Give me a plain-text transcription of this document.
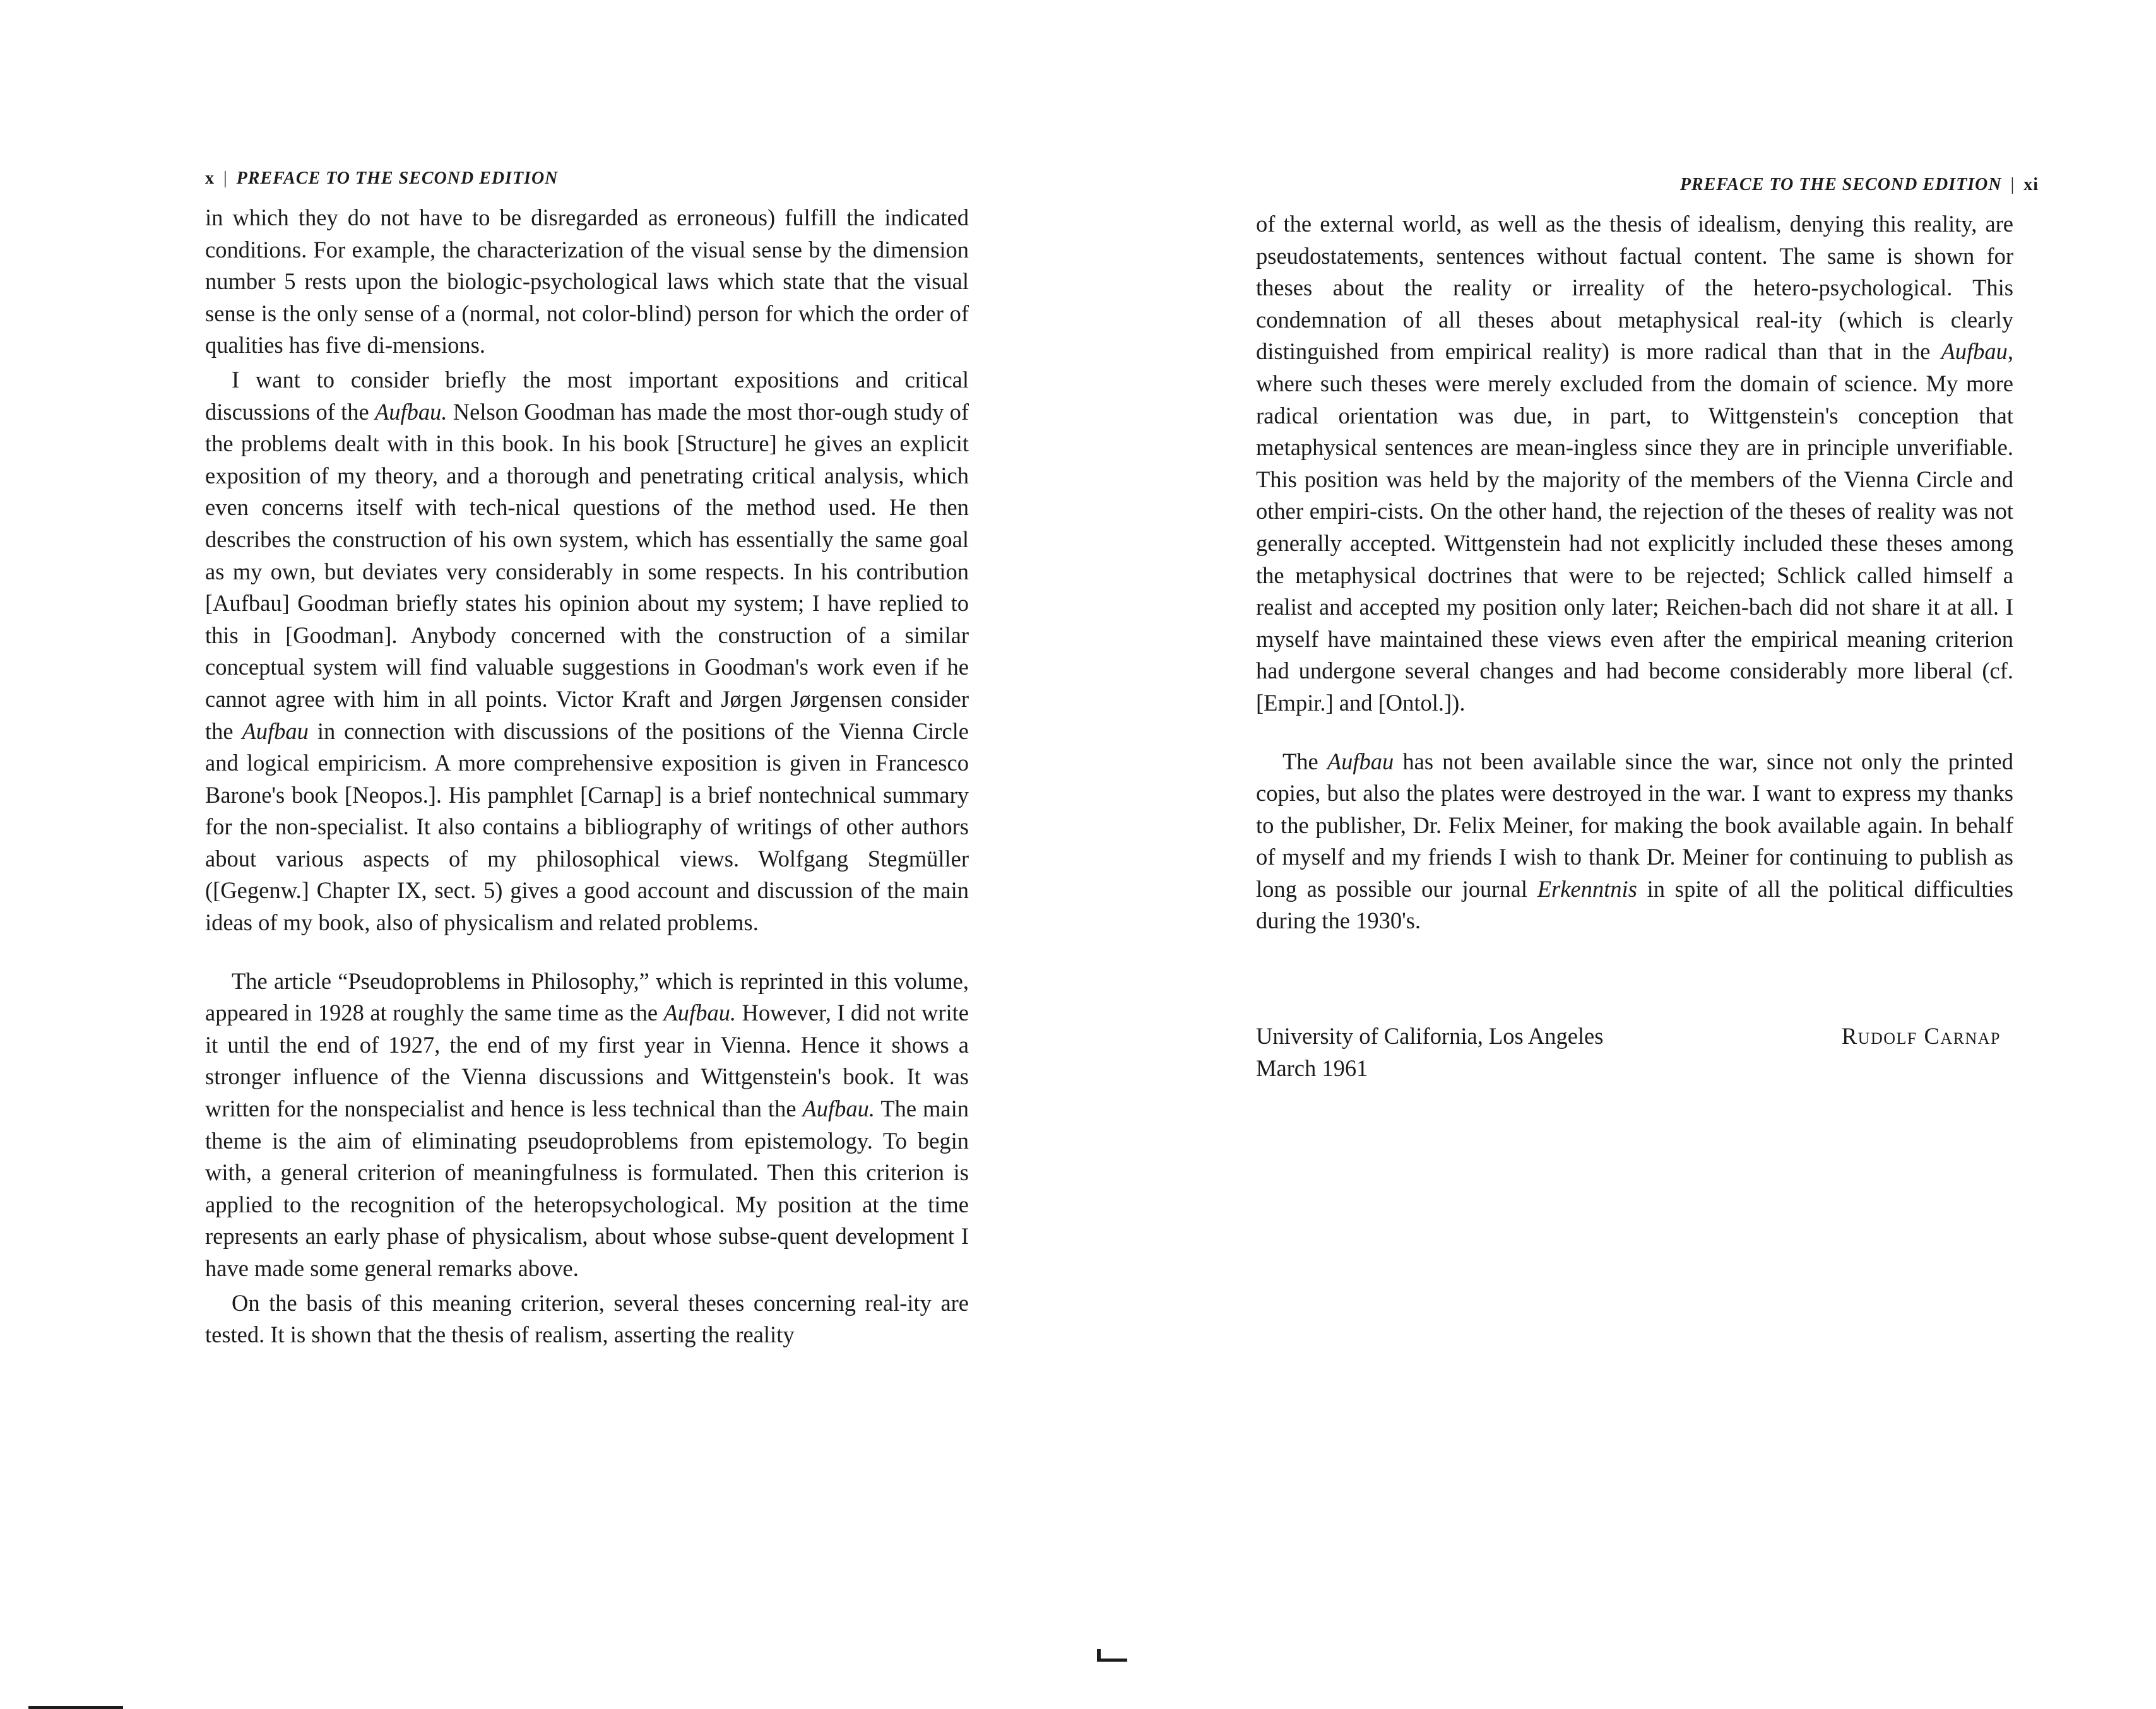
x | PREFACE TO THE SECOND EDITION

in which they do not have to be disregarded as erroneous) fulfill the indicated conditions. For example, the characterization of the visual sense by the dimension number 5 rests upon the biologic-psychological laws which state that the visual sense is the only sense of a (normal, not color-blind) person for which the order of qualities has five di-mensions.

I want to consider briefly the most important expositions and critical discussions of the Aufbau. Nelson Goodman has made the most thor-ough study of the problems dealt with in this book. In his book [Structure] he gives an explicit exposition of my theory, and a thorough and penetrating critical analysis, which even concerns itself with tech-nical questions of the method used. He then describes the construction of his own system, which has essentially the same goal as my own, but deviates very considerably in some respects. In his contribution [Aufbau] Goodman briefly states his opinion about my system; I have replied to this in [Goodman]. Anybody concerned with the construction of a similar conceptual system will find valuable suggestions in Goodman's work even if he cannot agree with him in all points. Victor Kraft and Jørgen Jørgensen consider the Aufbau in connection with discussions of the positions of the Vienna Circle and logical empiricism. A more comprehensive exposition is given in Francesco Barone's book [Neopos.]. His pamphlet [Carnap] is a brief nontechnical summary for the non-specialist. It also contains a bibliography of writings of other authors about various aspects of my philosophical views. Wolfgang Stegmüller ([Gegenw.] Chapter IX, sect. 5) gives a good account and discussion of the main ideas of my book, also of physicalism and related problems.

The article “Pseudoproblems in Philosophy,” which is reprinted in this volume, appeared in 1928 at roughly the same time as the Aufbau. However, I did not write it until the end of 1927, the end of my first year in Vienna. Hence it shows a stronger influence of the Vienna discussions and Wittgenstein's book. It was written for the nonspecialist and hence is less technical than the Aufbau. The main theme is the aim of eliminating pseudoproblems from epistemology. To begin with, a general criterion of meaningfulness is formulated. Then this criterion is applied to the recognition of the heteropsychological. My position at the time represents an early phase of physicalism, about whose subse-quent development I have made some general remarks above.

On the basis of this meaning criterion, several theses concerning real-ity are tested. It is shown that the thesis of realism, asserting the reality

PREFACE TO THE SECOND EDITION | xi

of the external world, as well as the thesis of idealism, denying this reality, are pseudostatements, sentences without factual content. The same is shown for theses about the reality or irreality of the hetero-psychological. This condemnation of all theses about metaphysical real-ity (which is clearly distinguished from empirical reality) is more radical than that in the Aufbau, where such theses were merely excluded from the domain of science. My more radical orientation was due, in part, to Wittgenstein's conception that metaphysical sentences are mean-ingless since they are in principle unverifiable. This position was held by the majority of the members of the Vienna Circle and other empiri-cists. On the other hand, the rejection of the theses of reality was not generally accepted. Wittgenstein had not explicitly included these theses among the metaphysical doctrines that were to be rejected; Schlick called himself a realist and accepted my position only later; Reichen-bach did not share it at all. I myself have maintained these views even after the empirical meaning criterion had undergone several changes and had become considerably more liberal (cf. [Empir.] and [Ontol.]).

The Aufbau has not been available since the war, since not only the printed copies, but also the plates were destroyed in the war. I want to express my thanks to the publisher, Dr. Felix Meiner, for making the book available again. In behalf of myself and my friends I wish to thank Dr. Meiner for continuing to publish as long as possible our journal Erkenntnis in spite of all the political difficulties during the 1930's.

University of California, Los Angeles	Rudolf Carnap
March 1961
